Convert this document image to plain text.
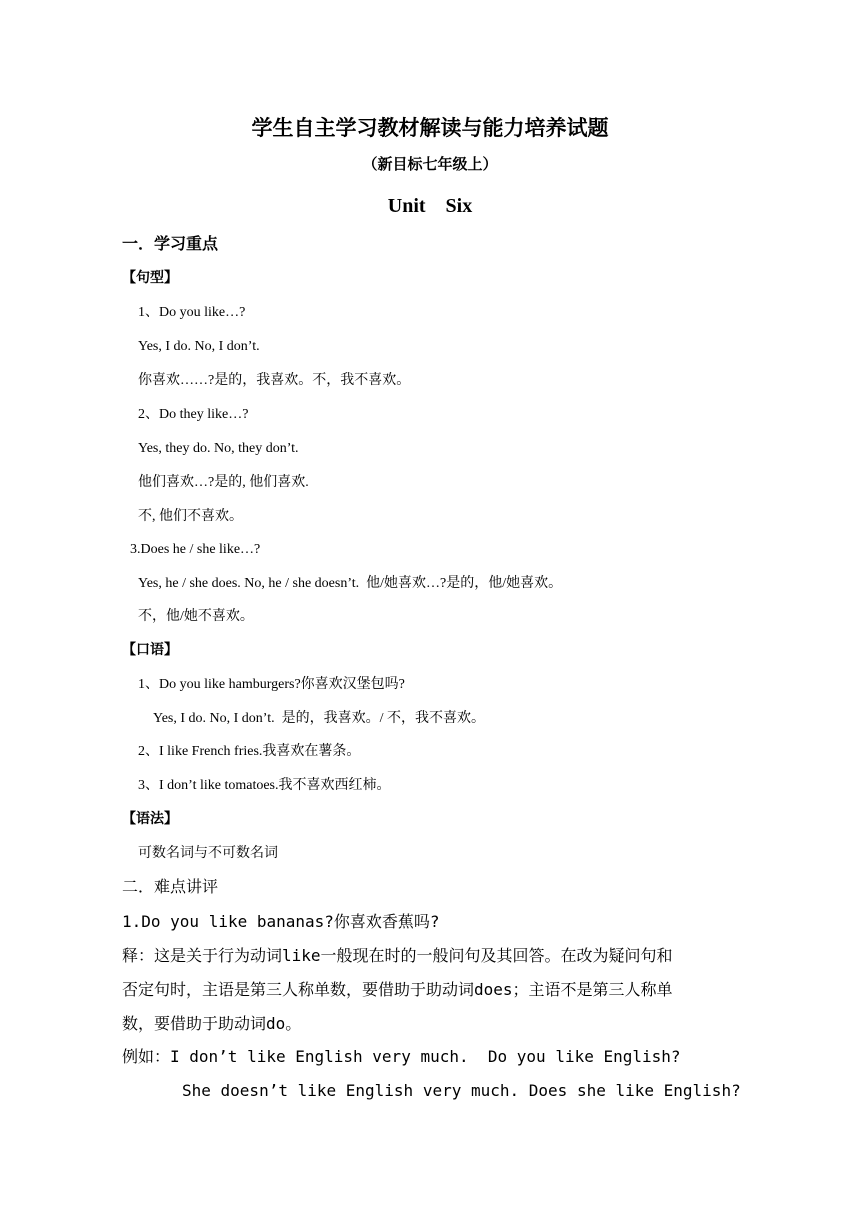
学生自主学习教材解读与能力培养试题
（新目标七年级上）
Unit    Six
一．学习重点
【句型】
1、Do you like…?
Yes, I do. No, I don’t.
你喜欢……?是的，我喜欢。不，我不喜欢。
2、Do they like…?
Yes, they do. No, they don’t.
他们喜欢…?是的, 他们喜欢.
不, 他们不喜欢。
3.Does he / she like…?
Yes, he / she does. No, he / she doesn’t.  他/她喜欢…?是的，他/她喜欢。
不，他/她不喜欢。
【口语】
1、Do you like hamburgers?你喜欢汉堡包吗?
Yes, I do. No, I don’t.  是的，我喜欢。/ 不，我不喜欢。
2、I like French fries.我喜欢在薯条。
3、I don’t like tomatoes.我不喜欢西红柿。
【语法】
可数名词与不可数名词
二．难点讲评
1.Do you like bananas?你喜欢香蕉吗?
释：这是关于行为动词like一般现在时的一般问句及其回答。在改为疑问句和
否定句时，主语是第三人称单数，要借助于助动词does；主语不是第三人称单
数，要借助于助动词do。
例如：I don’t like English very much.  Do you like English?
She doesn’t like English very much. Does she like English?
